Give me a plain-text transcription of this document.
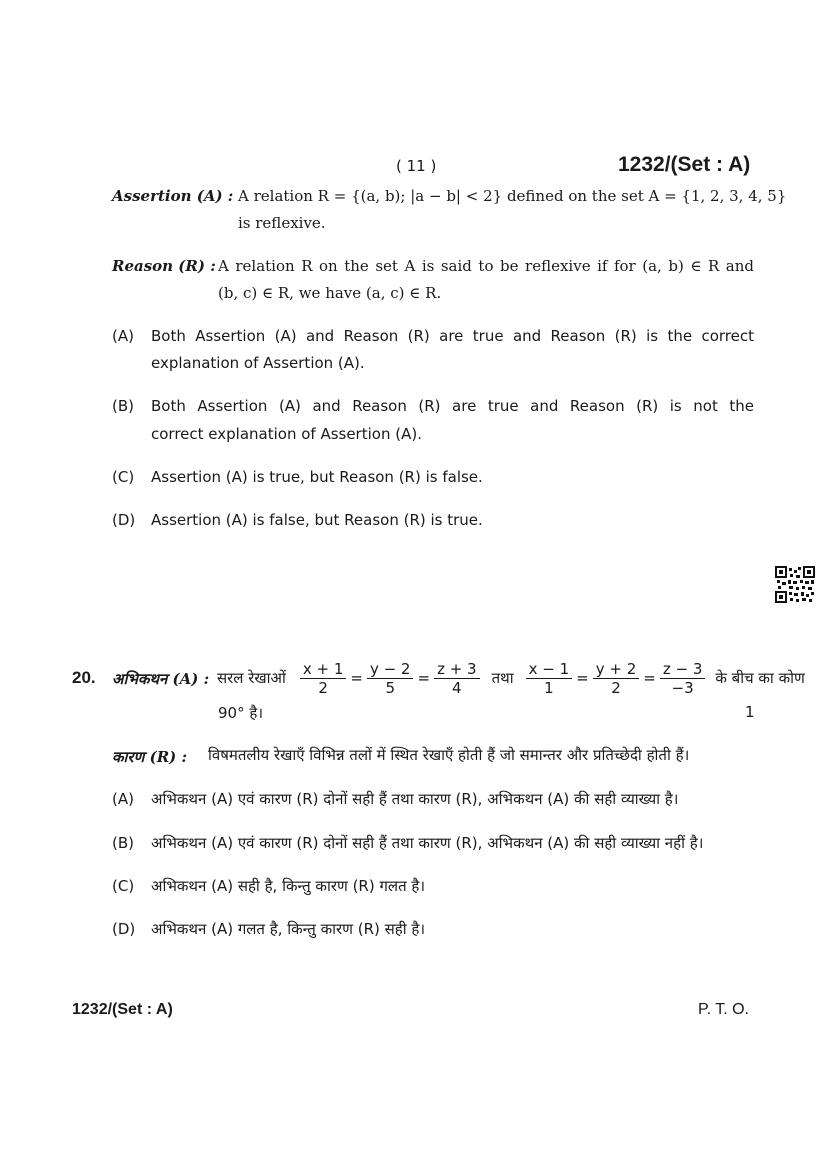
( 11 )	1232/(Set : A)
Assertion (A) : A relation R = {(a, b); |a − b| < 2} defined on the set A = {1, 2, 3, 4, 5}
is reflexive.
Reason (R) : A relation R on the set A is said to be reflexive if for (a, b) ∈ R and
(b, c) ∈ R, we have (a, c) ∈ R.
(A) Both Assertion (A) and Reason (R) are true and Reason (R) is the correct
explanation of Assertion (A).
(B) Both Assertion (A) and Reason (R) are true and Reason (R) is not the
correct explanation of Assertion (A).
(C) Assertion (A) is true, but Reason (R) is false.
(D) Assertion (A) is false, but Reason (R) is true.
20. अभिकथन (A) : सरल रेखाओं $\frac{x + 1}{2} = \frac{y - 2}{5} = \frac{z + 3}{4}$ तथा $\frac{x - 1}{1} = \frac{y + 2}{2} = \frac{z - 3}{-3}$ के बीच का कोण
90° है।	1
कारण (R) : विषमतलीय रेखाएँ विभिन्न तलों में स्थित रेखाएँ होती हैं जो समान्तर और प्रतिच्छेदी होती हैं।
(A) अभिकथन (A) एवं कारण (R) दोनों सही हैं तथा कारण (R), अभिकथन (A) की सही व्याख्या है।
(B) अभिकथन (A) एवं कारण (R) दोनों सही हैं तथा कारण (R), अभिकथन (A) की सही व्याख्या नहीं है।
(C) अभिकथन (A) सही है, किन्तु कारण (R) गलत है।
(D) अभिकथन (A) गलत है, किन्तु कारण (R) सही है।
1232/(Set : A)	P. T. O.
